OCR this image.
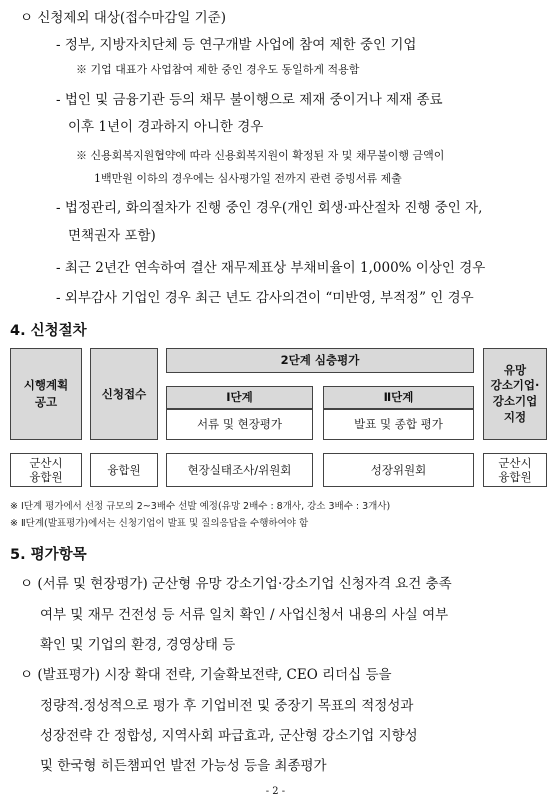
ㅇ 신청제외 대상(접수마감일 기준)
- 정부, 지방자치단체 등 연구개발 사업에 참여 제한 중인 기업
※ 기업 대표가 사업참여 제한 중인 경우도 동일하게 적용함
- 법인 및 금융기관 등의 채무 불이행으로 제재 중이거나 제재 종료
이후 1년이 경과하지 아니한 경우
※ 신용회복지원협약에 따라 신용회복지원이 확정된 자 및 채무불이행 금액이
1백만원 이하의 경우에는 심사평가일 전까지 관련 증빙서류 제출
- 법정관리, 화의절차가 진행 중인 경우(개인 회생·파산절차 진행 중인 자,
면책권자 포함)
- 최근 2년간 연속하여 결산 재무제표상 부채비율이 1,000% 이상인 경우
- 외부감사 기업인 경우 최근 년도 감사의견이 “미반영, 부적정” 인 경우
4. 신청절차
시행계획
공고
신청접수
2단계 심층평가
Ⅰ단계
서류 및 현장평가
Ⅱ단계
발표 및 종합 평가
유망
강소기업·
강소기업
지정
군산시
융합원
융합원	현장실태조사/위원회	성장위원회
군산시
융합원
※ Ⅰ단계 평가에서 선정 규모의 2~3배수 선발 예정(유망 2배수 : 8개사, 강소 3배수 : 3개사)
※ Ⅱ단계(발표평가)에서는 신청기업이 발표 및 질의응답을 수행하여야 함
5. 평가항목
ㅇ (서류 및 현장평가) 군산형 유망 강소기업·강소기업 신청자격 요건 충족
여부 및 재무 건전성 등 서류 일치 확인 / 사업신청서 내용의 사실 여부
확인 및 기업의 환경, 경영상태 등
ㅇ (발표평가) 시장 확대 전략, 기술확보전략, CEO 리더십 등을
정량적.정성적으로 평가 후 기업비전 및 중장기 목표의 적정성과
성장전략 간 정합성, 지역사회 파급효과, 군산형 강소기업 지향성
및 한국형 히든챔피언 발전 가능성 등을 최종평가
- 2 -
